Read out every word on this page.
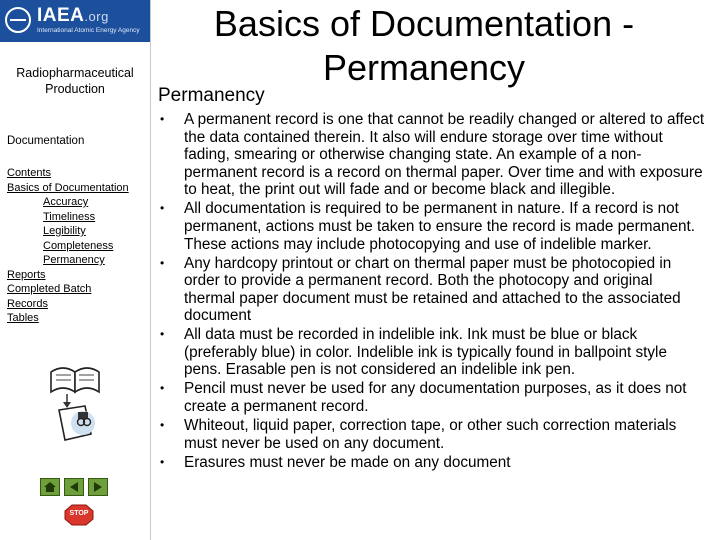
IAEA.org
International Atomic Energy Agency
Radiopharmaceutical Production
Documentation
Contents
Basics of Documentation
Accuracy
Timeliness
Legibility
Completeness
Permanency
Reports
Completed Batch
Records
Tables
STOP
Basics of Documentation - Permanency
Permanency
• A permanent record is one that cannot be readily changed or altered to affect the data contained therein. It also will endure storage over time without fading, smearing or otherwise changing state. An example of a non-permanent record is a record on thermal paper. Over time and with exposure to heat, the print out will fade and or become black and illegible.
• All documentation is required to be permanent in nature. If a record is not permanent, actions must be taken to ensure the record is made permanent. These actions may include photocopying and use of indelible marker.
• Any hardcopy printout or chart on thermal paper must be photocopied in order to provide a permanent record. Both the photocopy and original thermal paper document must be retained and attached to the associated document
• All data must be recorded in indelible ink. Ink must be blue or black (preferably blue) in color. Indelible ink is typically found in ballpoint style pens. Erasable pen is not considered an indelible ink pen.
• Pencil must never be used for any documentation purposes, as it does not create a permanent record.
• Whiteout, liquid paper, correction tape, or other such correction materials must never be used on any document.
• Erasures must never be made on any document
